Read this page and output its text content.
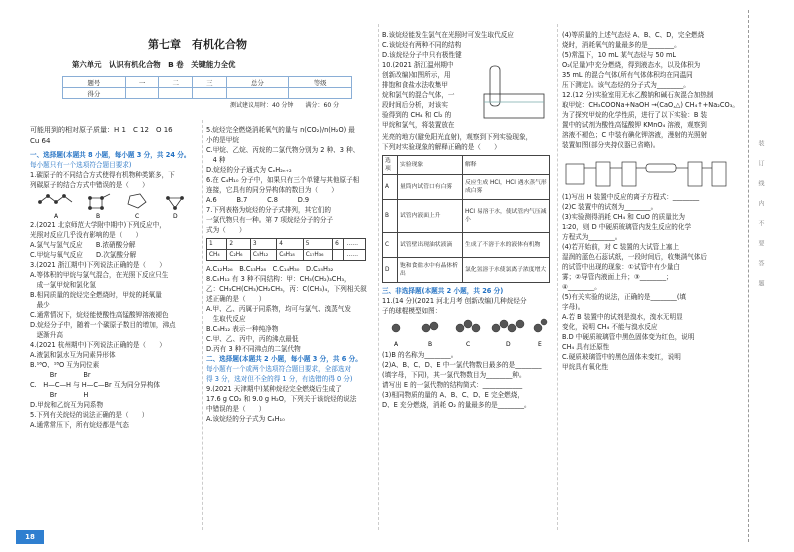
第七章　有机化合物
第六单元　认识有机化合物　B 卷　关键能力全优
题号	一	二	三	总分	等级
得分					
测试建议用时：40 分钟　　满分：60 分
可能用到的相对原子质量：H 1　C 12　O 16
Cu 64
一、选择题(本题共 8 小题，每小题 3 分，共 24 分。
每小题只有一个选项符合题目要求)
1.碳原子的不同结合方式使得有机物种类繁多，下
列碳原子的结合方式中错误的是（　　）
A	B	C	D
2.(2021 北京师范大学附中期中)下列反应中，
光照对反应几乎没有影响的是（　　）
A.氯气与氢气反应　　B.浓硝酸分解
C.甲烷与氧气反应　　D.次氯酸分解
3.(2021 浙江期中)下列说法正确的是（　　）
A.等体积的甲烷与氯气混合，在光照下反应只生
　成一氯甲烷和氯化氢
B.相同质量的烷烃完全燃烧时，甲烷的耗氧量
　最少
C.通常情况下，烷烃能使酸性高锰酸钾溶液褪色
D.烷烃分子中，随着一个碳原子数目的增加，沸点
　逐渐升高
4.(2021 杭州期中)下列说法正确的是（　　）
A.液氯和氯水互为同素异形体
B.¹⁶O、¹⁸O 互为同位素
　　　Br　　　　Br
C.　H—C—H 与 H—C—Br 互为同分异构体
　　　Br　　　　H
D.甲烷和乙烷互为同系物
5.下列有关烷烃的说法正确的是（　　）
A.通常常压下，所有烷烃都是气态
5.烷烃完全燃烧消耗氧气的量与 n(CO₂)/n(H₂O) 最
小的是甲烷
C.甲烷、乙烷、丙烷的二氯代物分别为 2 种、3 种、
　4 种
D.烷烃的分子通式为 CₙH₂ₙ₊₂
6.在 C₄H₁₀ 分子中，如果只有三个单键与其他原子相
连接，它具有的同分异构体的数目为（　　）
A.6　　　B.7　　　C.8　　　D.9
7.下列表格为烷烃的分子式排列，其它们的
一氯代物只有一种。第 7 项烷烃分子的分子
式为（　　）
1	2	3	4	5	6	……
CH₄	C₂H₆	C₅H₁₂	C₈H₁₈	C₁₇H₃₆		……
A.C₁₂H₂₆　B.C₁₃H₂₈　C.C₁₄H₃₀　D.C₁₅H₃₂
8.C₅H₁₂ 有 3 种不同结构：甲：CH₃(CH₂)₃CH₃，
乙：CH₃CH(CH₃)CH₂CH₃，丙：C(CH₃)₄，下列相关叙
述正确的是（　　）
A.甲、乙、丙属于同系物，均可与氯气、溴蒸气发
　生取代反应
B.C₅H₁₂ 表示一种纯净物
C.甲、乙、丙中，丙的沸点最低
D.丙有 3 种不同沸点的二氯代物
二、选择题(本题共 2 小题，每小题 3 分，共 6 分。
每小题有一个或两个选项符合题目要求，全部选对
得 3 分，选对但不全的得 1 分，有选错的得 0 分)
9.(2021 天津期中)某种烷烃完全燃烧后生成了
17.6 g CO₂ 和 9.0 g H₂O，下列关于该烷烃的说法
中错误的是（　　）
A.该烷烃的分子式为 C₄H₁₀
B.该烷烃能发生氯气在光照时可发生取代反应
C.该烷烃有两种不同的结构
D.该烷烃分子中只有极性键
10.(2021 浙江温州期中
创新改编)如图所示，用
排饱和食盐水法收集甲
烷和氯气的混合气体，一
段时间后分析，对该实
验得到的 CH₄ 和 Cl₂ 的
甲烷和氯气，将装置放在
光亮的地方(避免阳光直射)，观察到下列实验现象，
下列对实验现象的解释正确的是（　　）
选项	实验现象	解释
A	量筒内试管口有白雾	反应生成 HCl，HCl 遇水蒸气形成白雾
B	试管内液面上升	HCl 易溶于水，使试管内气压减小
C	试管壁出现油状液滴	生成了不溶于水的液体有机物
D	饱和食盐水中有晶体析出	氯化氢溶于水使氯离子浓度增大
三、非选择题(本题共 2 小题，共 26 分)
11.(14 分)(2021 河北月考 创新改编)几种烷烃分
子的球棍模型如图：
A	B	C	D	E
(1)B 的名称为________。
(2)A、B、C、D、E 中一氯代物数目最多的是________
(填字母，下同)，其一氯代物数目为________种。
请写出 E 的一氯代物的结构简式：____________
(3)相同物质的量的 A、B、C、D、E 完全燃烧，
D、E 充分燃烧，消耗 O₂ 的量最多的是________。
(4)等质量的上述气态烃 A、B、C、D，完全燃烧
烧时，消耗氧气的量最多的是________。
(5)常温下，10 mL 某气态烃与 50 mL
O₂(足量)中充分燃烧，得到液态水，以及体积为
35 mL 的混合气体(所有气体体积均在同温同
压下测定)。该气态烃的分子式为________。
12.(12 分)实验室用无水乙酸钠和碱石灰混合加热制
取甲烷：CH₃COONa+NaOH →(CaO,△) CH₄↑+Na₂CO₃。
为了探究甲烷的化学性质，进行了以下实验：B 装
置中的试剂为酸性高锰酸钾 KMnO₄ 溶液，观察到
溶液不褪色；C 中装有碘化钾溶液，漫射的光照射
装置如图(部分夹持仪器已省略)。
(1)写出 H 装置中反应的离子方程式：________
(2)C 装置中的试剂为________。
(3)实验测得消耗 CH₄ 和 CuO 的质量比为
1∶20，则 D 中硬质玻璃管内发生反应的化学
方程式为________。
(4)若开始前，对 C 装置的大试管上塞上
湿润的蓝色石蕊试纸，一段时间后，收集满气体后
的试管中出现的现象：①试管中有少量白
雾；②导管内液面上升；③________；
④________。
(5)有关实验的说法，正确的是________(填
字母)。
A.若 B 装置中的试剂是溴水，溴水无明显
变化，说明 CH₄ 不能与溴水反应
B.D 中硬质玻璃管中黑色固体变为红色，说明
CH₄ 具有还原性
C.硬质玻璃管中的黑色固体未变红，说明
甲烷具有氧化性
装　订　线　内　不　要　答　题
18
